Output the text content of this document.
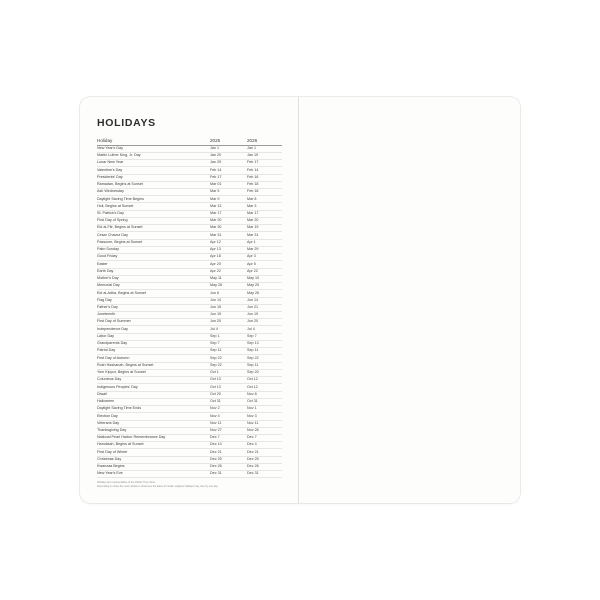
HOLIDAYS
Holiday	2025	2026
New Year's Day	Jan 1	Jan 1
Martin Luther King, Jr. Day	Jan 20	Jan 19
Lunar New Year	Jan 29	Feb 17
Valentine's Day	Feb 14	Feb 14
Presidents' Day	Feb 17	Feb 16
Ramadan, Begins at Sunset	Mar 01	Feb 18
Ash Wednesday	Mar 5	Feb 18
Daylight Saving Time Begins	Mar 9	Mar 8
Holi, Begins at Sunset	Mar 13	Mar 3
St. Patrick's Day	Mar 17	Mar 17
First Day of Spring	Mar 20	Mar 20
Eid al-Fitr, Begins at Sunset	Mar 30	Mar 19
Cesar Chavez Day	Mar 31	Mar 31
Passover, Begins at Sunset	Apr 12	Apr 1
Palm Sunday	Apr 13	Mar 29
Good Friday	Apr 18	Apr 3
Easter	Apr 20	Apr 5
Earth Day	Apr 22	Apr 22
Mother's Day	May 11	May 10
Memorial Day	May 26	May 25
Eid al-Adha, Begins at Sunset	Jun 6	May 26
Flag Day	Jun 14	Jun 14
Father's Day	Jun 15	Jun 21
Juneteenth	Jun 19	Jun 19
First Day of Summer	Jun 20	Jun 20
Independence Day	Jul 4	Jul 4
Labor Day	Sep 1	Sep 7
Grandparents Day	Sep 7	Sep 13
Patriot Day	Sep 11	Sep 11
First Day of Autumn	Sep 22	Sep 22
Rosh Hashanah, Begins at Sunset	Sep 22	Sep 11
Yom Kippur, Begins at Sunset	Oct 1	Sep 20
Columbus Day	Oct 13	Oct 12
Indigenous Peoples' Day	Oct 13	Oct 12
Diwali	Oct 20	Nov 8
Halloween	Oct 31	Oct 31
Daylight Saving Time Ends	Nov 2	Nov 1
Election Day	Nov 4	Nov 3
Veterans Day	Nov 11	Nov 11
Thanksgiving Day	Nov 27	Nov 26
National Pearl Harbor Remembrance Day	Dec 7	Dec 7
Hanukkah, Begins at Sunset	Dec 14	Dec 4
First Day of Winter	Dec 21	Dec 21
Christmas Day	Dec 25	Dec 25
Kwanzaa Begins	Dec 26	Dec 26
New Year's Eve	Dec 31	Dec 31

Holidays are representative of the Pacific Time Zone.

Depending on when the moon phase is observed, the dates of certain religious holidays may vary by one day.
